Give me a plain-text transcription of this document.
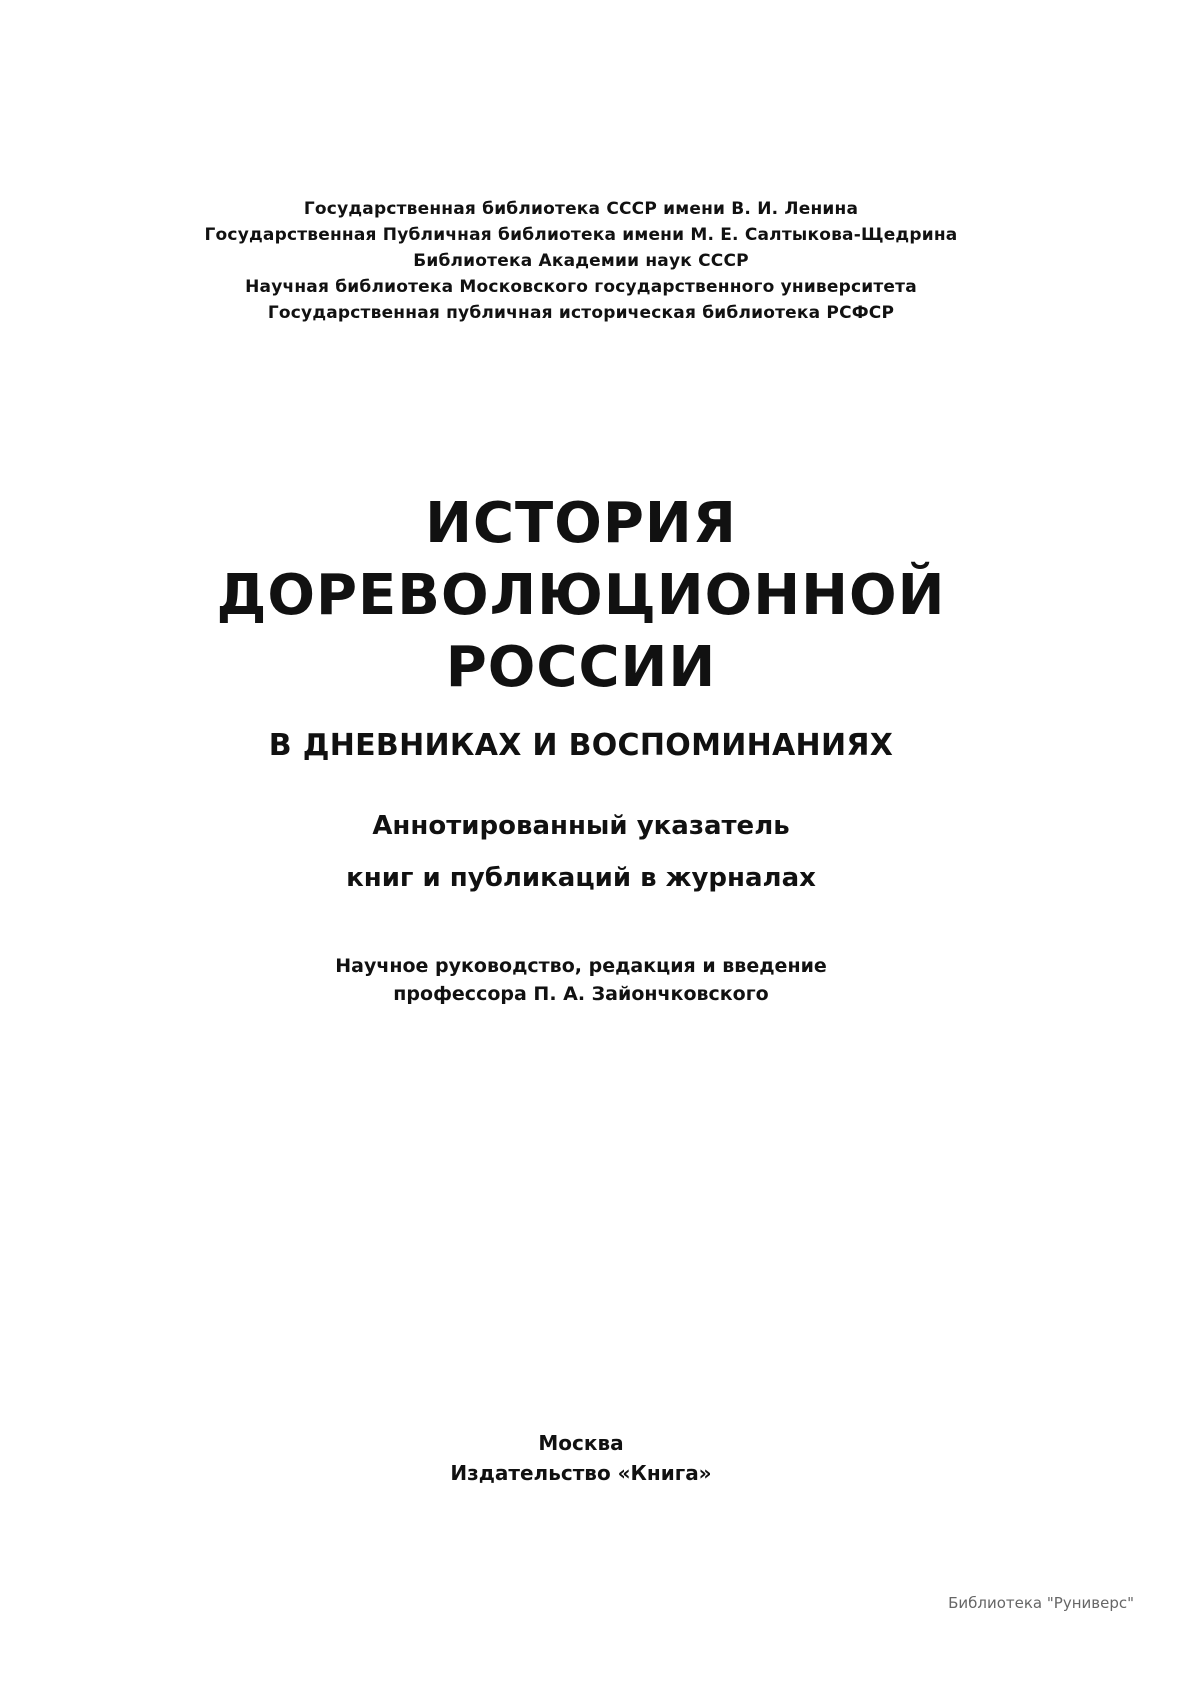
Государственная библиотека СССР имени В. И. Ленина
Государственная Публичная библиотека имени М. Е. Салтыкова-Щедрина
Библиотека Академии наук СССР
Научная библиотека Московского государственного университета
Государственная публичная историческая библиотека РСФСР
ИСТОРИЯ
ДОРЕВОЛЮЦИОННОЙ
РОССИИ
В ДНЕВНИКАХ И ВОСПОМИНАНИЯХ
Аннотированный указатель
книг и публикаций в журналах
Научное руководство, редакция и введение
профессора П. А. Зайончковского
Москва
Издательство «Книга»
Библиотека "Руниверс"
